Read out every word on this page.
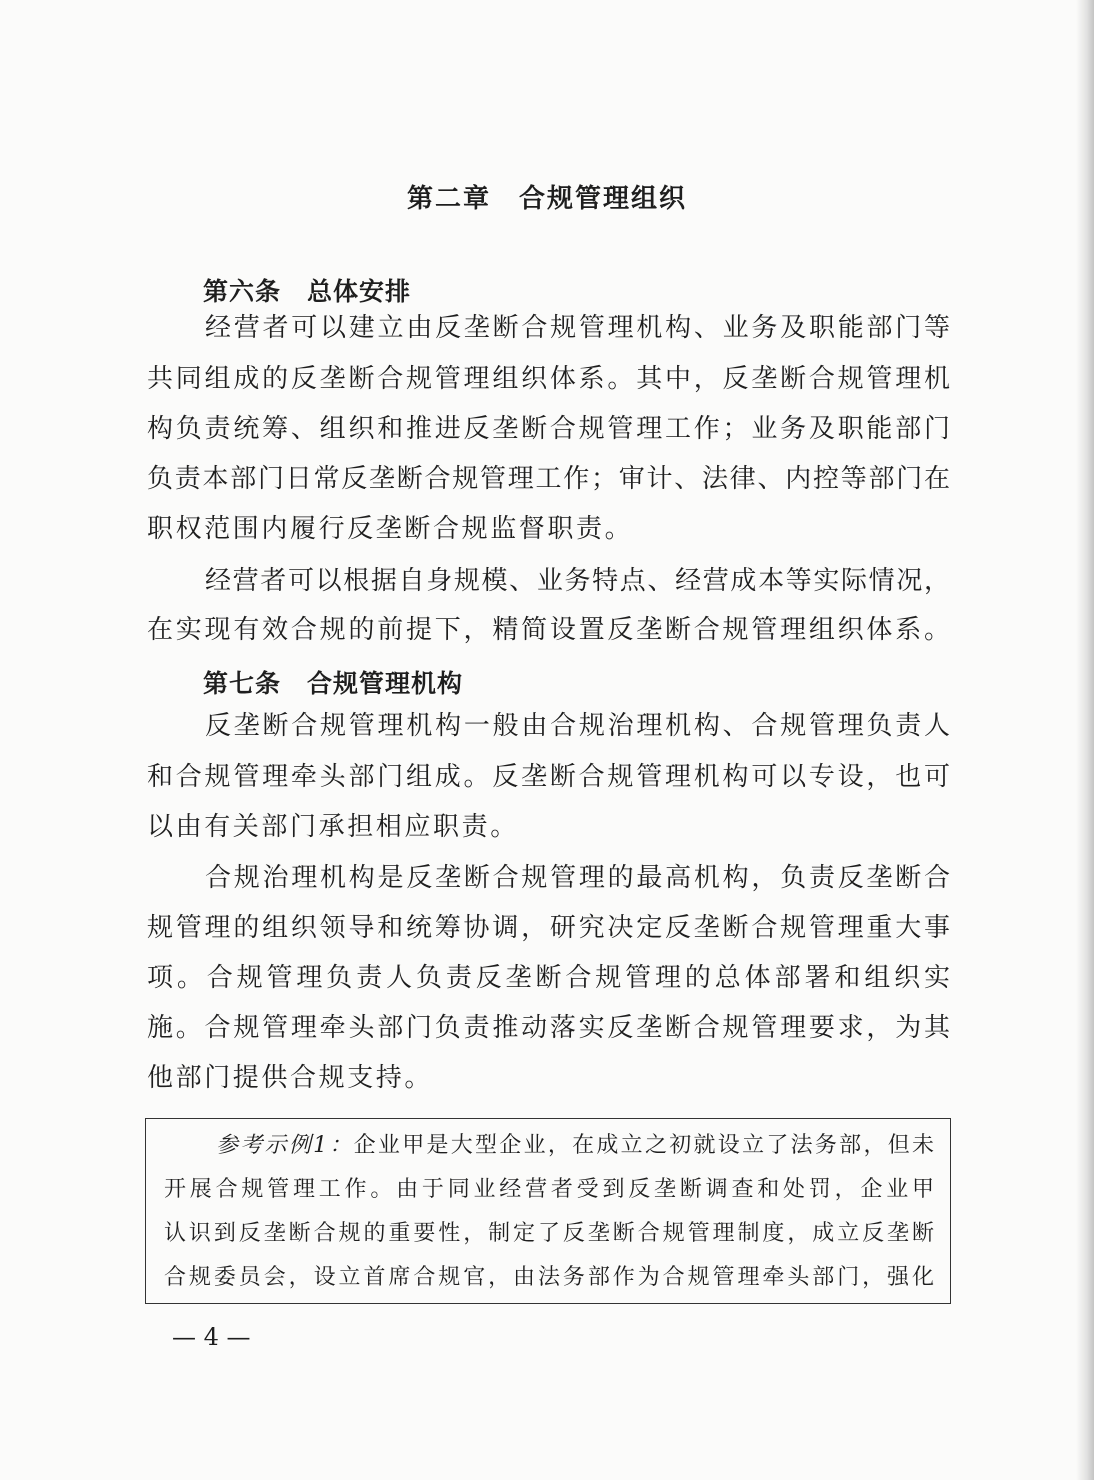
第二章　合规管理组织
第六条　总体安排
经营者可以建立由反垄断合规管理机构、业务及职能部门等
共同组成的反垄断合规管理组织体系。其中，反垄断合规管理机
构负责统筹、组织和推进反垄断合规管理工作；业务及职能部门
负责本部门日常反垄断合规管理工作；审计、法律、内控等部门在
职权范围内履行反垄断合规监督职责。
经营者可以根据自身规模、业务特点、经营成本等实际情况，
在实现有效合规的前提下，精简设置反垄断合规管理组织体系。
第七条　合规管理机构
反垄断合规管理机构一般由合规治理机构、合规管理负责人
和合规管理牵头部门组成。反垄断合规管理机构可以专设，也可
以由有关部门承担相应职责。
合规治理机构是反垄断合规管理的最高机构，负责反垄断合
规管理的组织领导和统筹协调，研究决定反垄断合规管理重大事
项。合规管理负责人负责反垄断合规管理的总体部署和组织实
施。合规管理牵头部门负责推动落实反垄断合规管理要求，为其
他部门提供合规支持。
参考示例1：企业甲是大型企业，在成立之初就设立了法务部，但未
开展合规管理工作。由于同业经营者受到反垄断调查和处罚，企业甲
认识到反垄断合规的重要性，制定了反垄断合规管理制度，成立反垄断
合规委员会，设立首席合规官，由法务部作为合规管理牵头部门，强化
— 4 —
